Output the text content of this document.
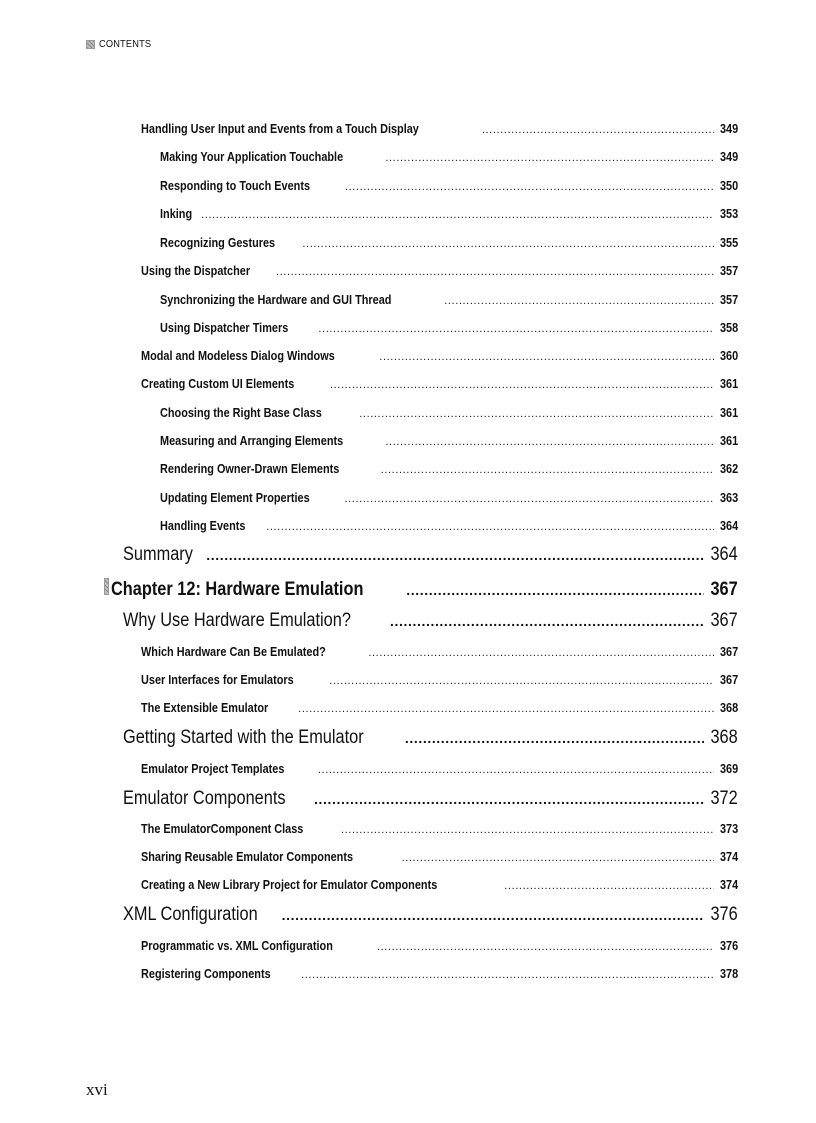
CONTENTS
Handling User Input and Events from a Touch Display .....	349
Making Your Application Touchable .....	349
Responding to Touch Events .....	350
Inking .....	353
Recognizing Gestures .....	355
Using the Dispatcher .....	357
Synchronizing the Hardware and GUI Thread .....	357
Using Dispatcher Timers .....	358
Modal and Modeless Dialog Windows .....	360
Creating Custom UI Elements .....	361
Choosing the Right Base Class .....	361
Measuring and Arranging Elements .....	361
Rendering Owner-Drawn Elements .....	362
Updating Element Properties .....	363
Handling Events .....	364
Summary .....	364
Chapter 12: Hardware Emulation .....	367
Why Use Hardware Emulation? .....	367
Which Hardware Can Be Emulated? .....	367
User Interfaces for Emulators .....	367
The Extensible Emulator .....	368
Getting Started with the Emulator .....	368
Emulator Project Templates .....	369
Emulator Components .....	372
The EmulatorComponent Class .....	373
Sharing Reusable Emulator Components .....	374
Creating a New Library Project for Emulator Components .....	374
XML Configuration .....	376
Programmatic vs. XML Configuration .....	376
Registering Components .....	378
xvi
